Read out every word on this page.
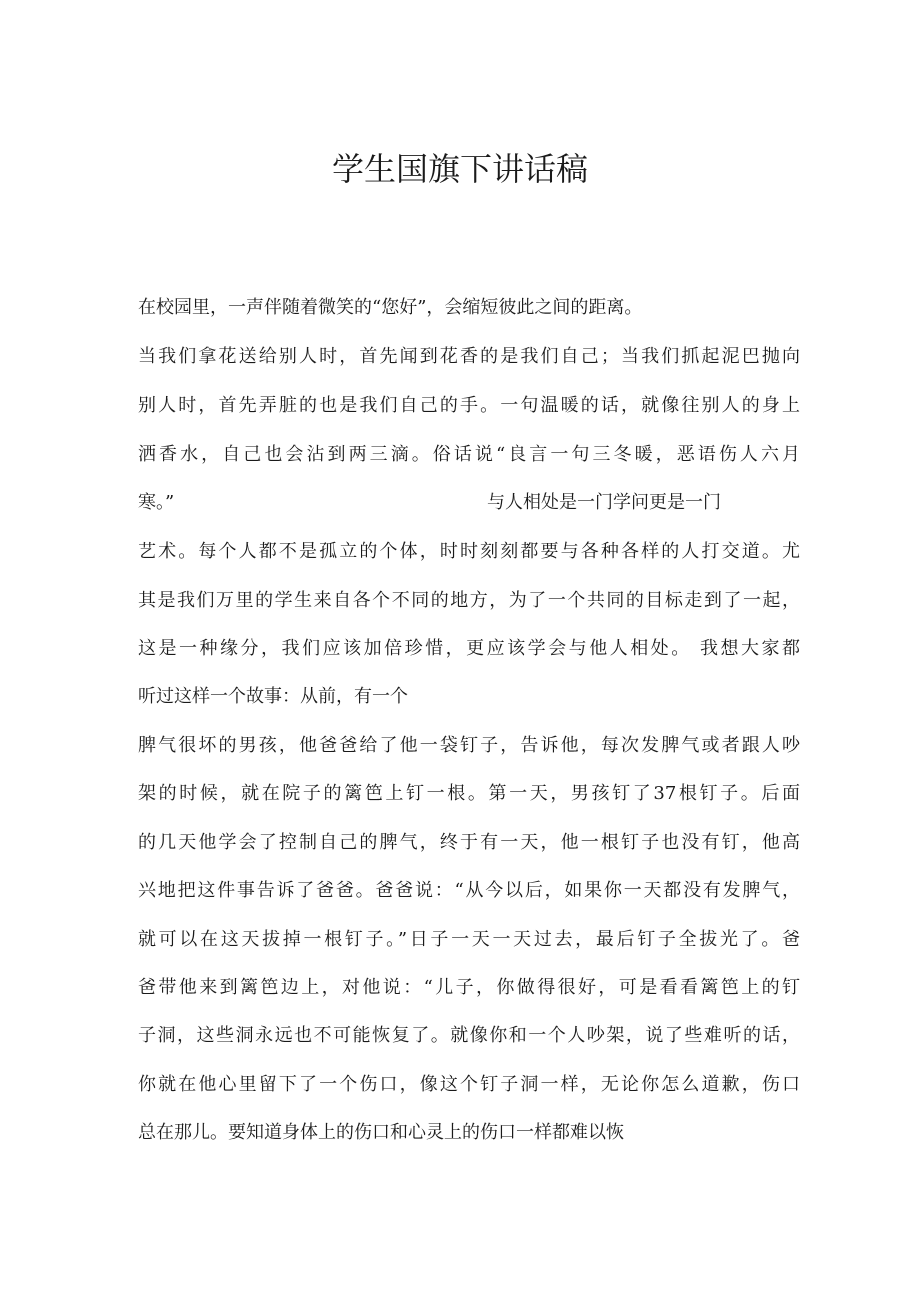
学生国旗下讲话稿
在校园里，一声伴随着微笑的“您好”，会缩短彼此之间的距离。
当我们拿花送给别人时，首先闻到花香的是我们自己；当我们抓起泥巴抛向
别人时，首先弄脏的也是我们自己的手。一句温暖的话，就像往别人的身上
洒香水，自己也会沾到两三滴。俗话说“良言一句三冬暖，恶语伤人六月
寒。”	与人相处是一门学问更是一门
艺术。每个人都不是孤立的个体，时时刻刻都要与各种各样的人打交道。尤
其是我们万里的学生来自各个不同的地方，为了一个共同的目标走到了一起，
这是一种缘分，我们应该加倍珍惜，更应该学会与他人相处。 我想大家都
听过这样一个故事：从前，有一个
脾气很坏的男孩，他爸爸给了他一袋钉子，告诉他，每次发脾气或者跟人吵
架的时候，就在院子的篱笆上钉一根。第一天，男孩钉了37根钉子。后面
的几天他学会了控制自己的脾气，终于有一天，他一根钉子也没有钉，他高
兴地把这件事告诉了爸爸。爸爸说：“从今以后，如果你一天都没有发脾气，
就可以在这天拔掉一根钉子。”日子一天一天过去，最后钉子全拔光了。爸
爸带他来到篱笆边上，对他说：“儿子，你做得很好，可是看看篱笆上的钉
子洞，这些洞永远也不可能恢复了。就像你和一个人吵架，说了些难听的话，
你就在他心里留下了一个伤口，像这个钉子洞一样，无论你怎么道歉，伤口
总在那儿。要知道身体上的伤口和心灵上的伤口一样都难以恢
